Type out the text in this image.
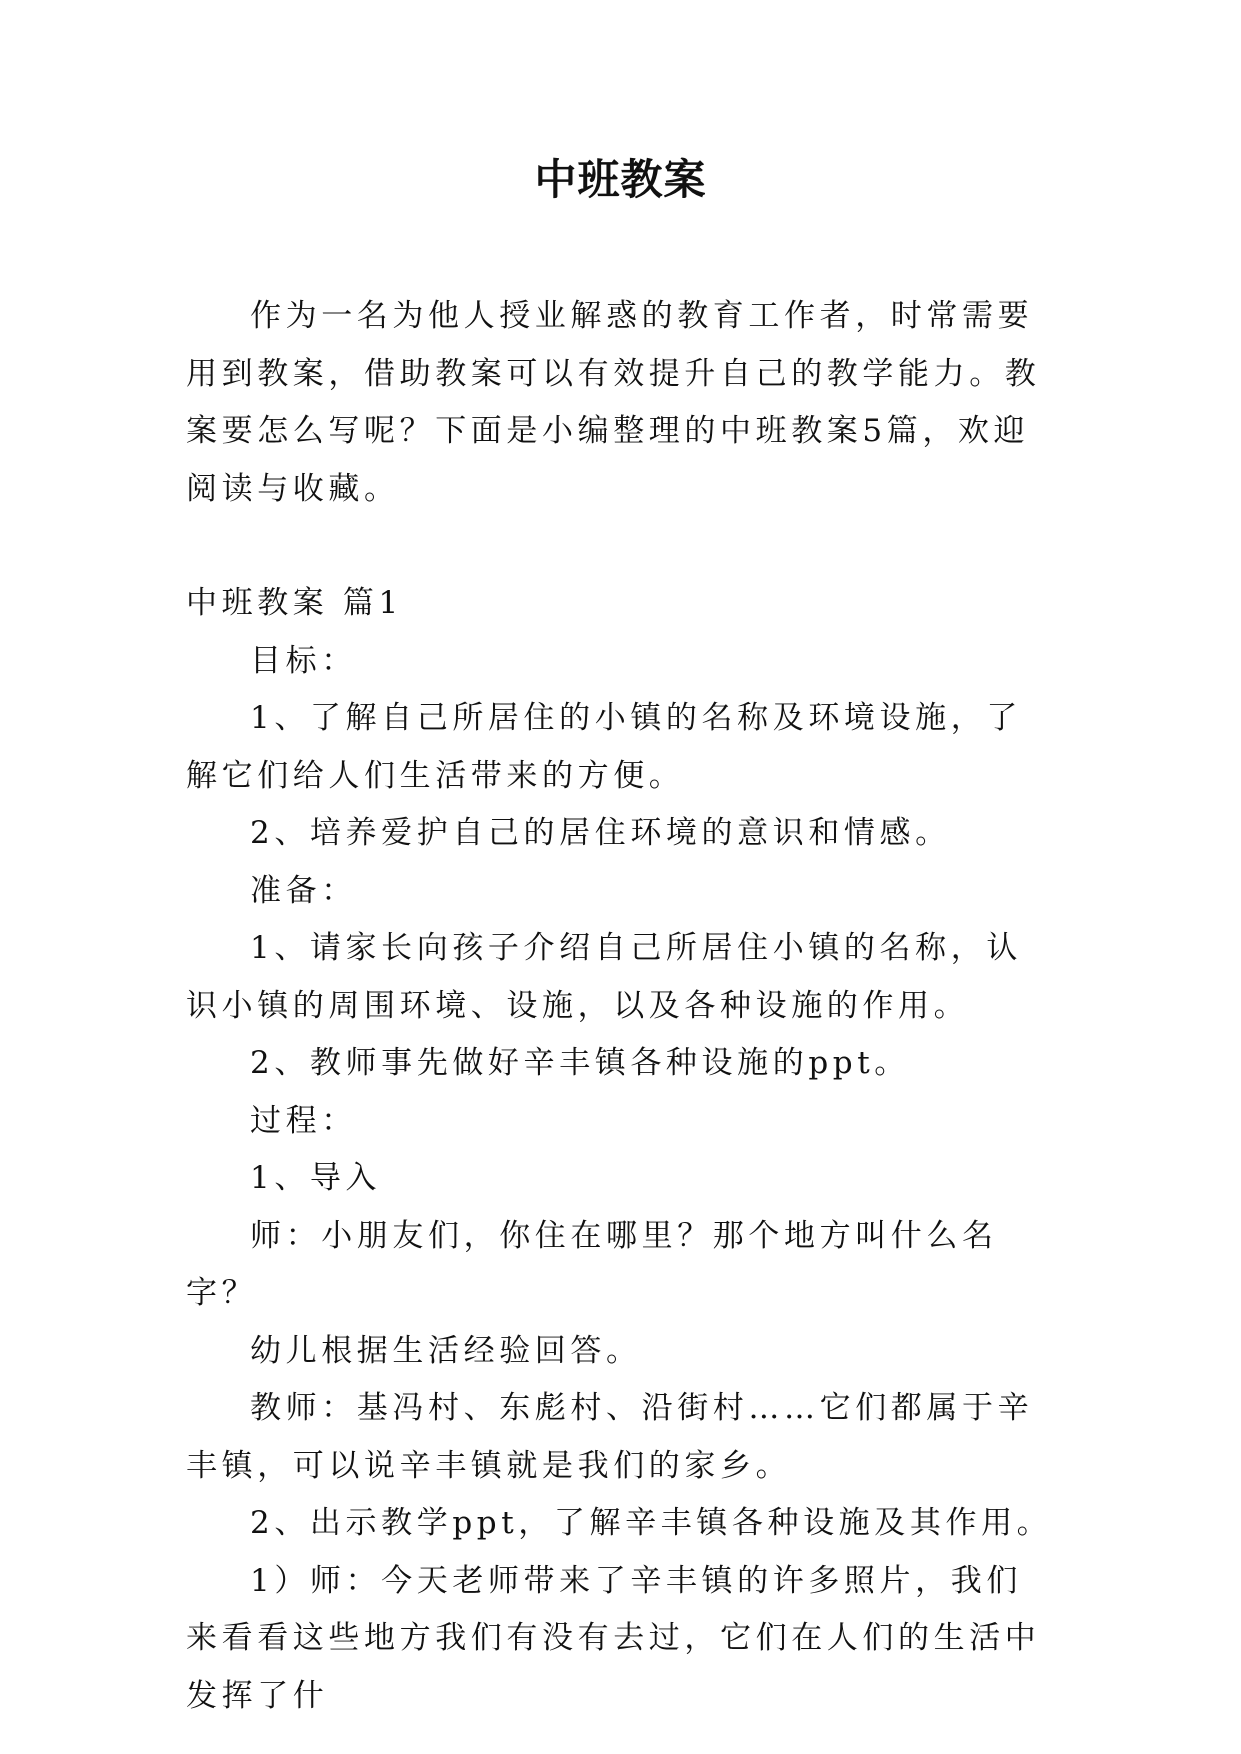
中班教案

作为一名为他人授业解惑的教育工作者，时常需要用到教案，借助教案可以有效提升自己的教学能力。教案要怎么写呢？下面是小编整理的中班教案5篇，欢迎阅读与收藏。

中班教案 篇1

目标：

1、了解自己所居住的小镇的名称及环境设施，了解它们给人们生活带来的方便。

2、培养爱护自己的居住环境的意识和情感。

准备：

1、请家长向孩子介绍自己所居住小镇的名称，认识小镇的周围环境、设施，以及各种设施的作用。

2、教师事先做好辛丰镇各种设施的ppt。

过程：

1、导入

师：小朋友们，你住在哪里？那个地方叫什么名字？

幼儿根据生活经验回答。

教师：基冯村、东彪村、沿街村……它们都属于辛丰镇，可以说辛丰镇就是我们的家乡。

2、出示教学ppt，了解辛丰镇各种设施及其作用。

1）师：今天老师带来了辛丰镇的许多照片，我们来看看这些地方我们有没有去过，它们在人们的生活中发挥了什
